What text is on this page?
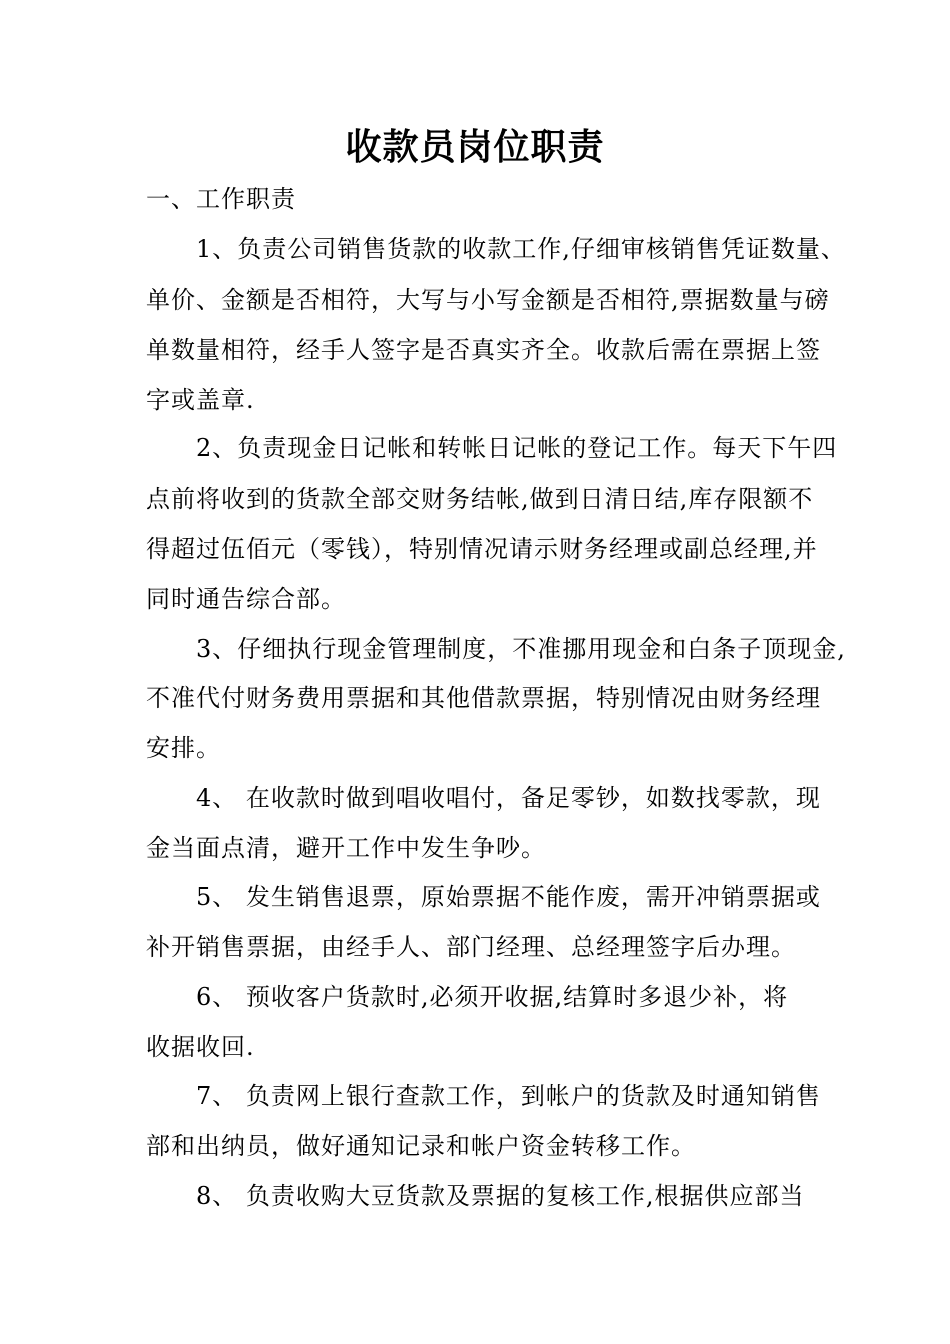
收款员岗位职责
一、工作职责
1、负责公司销售货款的收款工作,仔细审核销售凭证数量、
单价、金额是否相符，大写与小写金额是否相符,票据数量与磅
单数量相符，经手人签字是否真实齐全。收款后需在票据上签
字或盖章.
2、负责现金日记帐和转帐日记帐的登记工作。每天下午四
点前将收到的货款全部交财务结帐,做到日清日结,库存限额不
得超过伍佰元（零钱），特别情况请示财务经理或副总经理,并
同时通告综合部。
3、仔细执行现金管理制度，不准挪用现金和白条子顶现金,
不准代付财务费用票据和其他借款票据，特别情况由财务经理
安排。
4、 在收款时做到唱收唱付，备足零钞，如数找零款，现
金当面点清，避开工作中发生争吵。
5、 发生销售退票，原始票据不能作废，需开冲销票据或
补开销售票据，由经手人、部门经理、总经理签字后办理。
6、 预收客户货款时,必须开收据,结算时多退少补，将
收据收回.
7、 负责网上银行查款工作，到帐户的货款及时通知销售
部和出纳员，做好通知记录和帐户资金转移工作。
8、 负责收购大豆货款及票据的复核工作,根据供应部当
